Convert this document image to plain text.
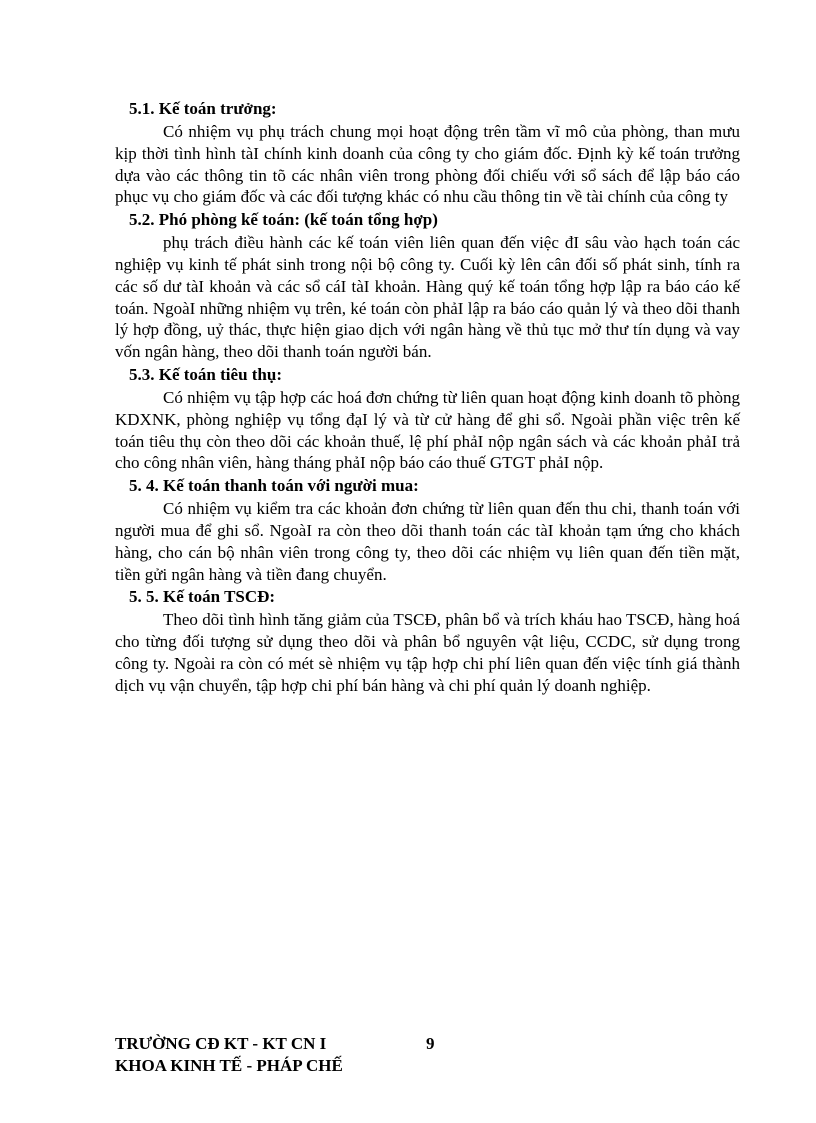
5.1. Kế toán trưởng:

Có nhiệm vụ phụ trách chung mọi hoạt động trên tầm vĩ mô của phòng, than mưu kịp thời tình hình tàI chính kinh doanh của công ty cho giám đốc. Định kỳ kế toán trưởng dựa vào các thông tin tõ các nhân viên trong phòng đối chiếu với sổ sách để lập báo cáo phục vụ cho giám đốc và các đối tượng khác có nhu cầu thông tin về tài chính của công ty

5.2. Phó phòng kế toán: (kế toán tổng hợp)

phụ trách điều hành các kế toán viên liên quan đến việc đI sâu vào hạch toán các nghiệp vụ kinh tế phát sinh trong nội bộ công ty. Cuối kỳ lên cân đối số phát sinh, tính ra các số dư tàI khoản và các sổ cáI tàI khoản. Hàng quý kế toán tổng hợp lập ra báo cáo kế toán. NgoàI những nhiệm vụ trên, ké toán còn phảI lập ra báo cáo quản lý và theo dõi thanh lý hợp đồng, uỷ thác, thực hiện giao dịch với ngân hàng về thủ tục mở thư tín dụng và vay vốn ngân hàng, theo dõi thanh toán người bán.

5.3. Kế toán tiêu thụ:

Có nhiệm vụ tập hợp các hoá đơn chứng từ liên quan hoạt động kinh doanh tõ phòng KDXNK, phòng nghiệp vụ tổng đạI lý và từ cử hàng để ghi sổ. Ngoài phần việc trên kế toán tiêu thụ còn theo dõi các khoản thuế, lệ phí phảI nộp ngân sách và các khoản phảI trả cho công nhân viên, hàng tháng phảI nộp báo cáo thuế GTGT phảI nộp.

5. 4. Kế toán thanh toán với người mua:

Có nhiệm vụ kiểm tra các khoản đơn chứng từ liên quan đến thu chi, thanh toán với người mua để ghi sổ. NgoàI ra còn theo dõi thanh toán các tàI khoản tạm ứng cho khách hàng, cho cán bộ nhân viên trong công ty, theo dõi các nhiệm vụ liên quan đến tiền mặt, tiền gửi ngân hàng và tiền đang chuyển.

5. 5. Kế toán TSCĐ:

Theo dõi tình hình tăng giảm của TSCĐ, phân bổ và trích kháu hao TSCĐ, hàng hoá cho từng đối tượng sử dụng theo dõi và phân bổ nguyên vật liệu, CCDC, sử dụng trong công ty. Ngoài ra còn có mét sè nhiệm vụ tập hợp chi phí liên quan đến việc tính giá thành dịch vụ vận chuyển, tập hợp chi phí bán hàng và chi phí quản lý doanh nghiệp.

TRƯỜNG CĐ KT - KT CN I
KHOA KINH TẾ - PHÁP CHẾ
9
